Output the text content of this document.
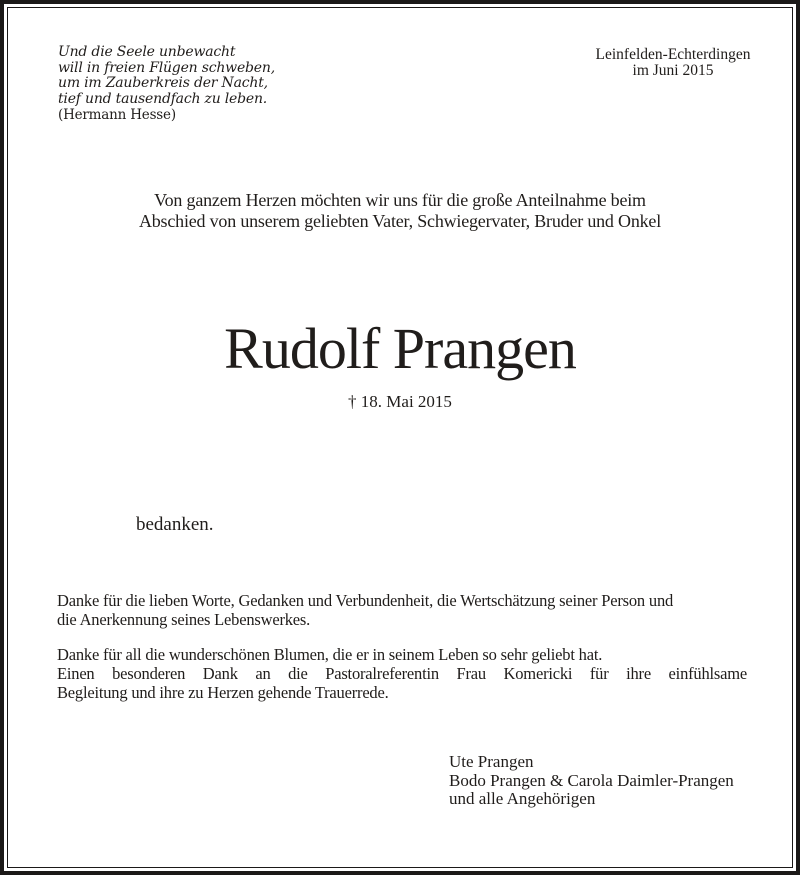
Und die Seele unbewacht
will in freien Flügen schweben,
um im Zauberkreis der Nacht,
tief und tausendfach zu leben.
(Hermann Hesse)
Leinfelden-Echterdingen
im Juni 2015
Von ganzem Herzen möchten wir uns für die große Anteilnahme beim
Abschied von unserem geliebten Vater, Schwiegervater, Bruder und Onkel
Rudolf Prangen
† 18. Mai 2015
bedanken.
Danke für die lieben Worte, Gedanken und Verbundenheit, die Wertschätzung seiner Person und
die Anerkennung seines Lebenswerkes.
Danke für all die wunderschönen Blumen, die er in seinem Leben so sehr geliebt hat.
Einen besonderen Dank an die Pastoralreferentin Frau Komericki für ihre einfühlsame
Begleitung und ihre zu Herzen gehende Trauerrede.
Ute Prangen
Bodo Prangen & Carola Daimler-Prangen
und alle Angehörigen
